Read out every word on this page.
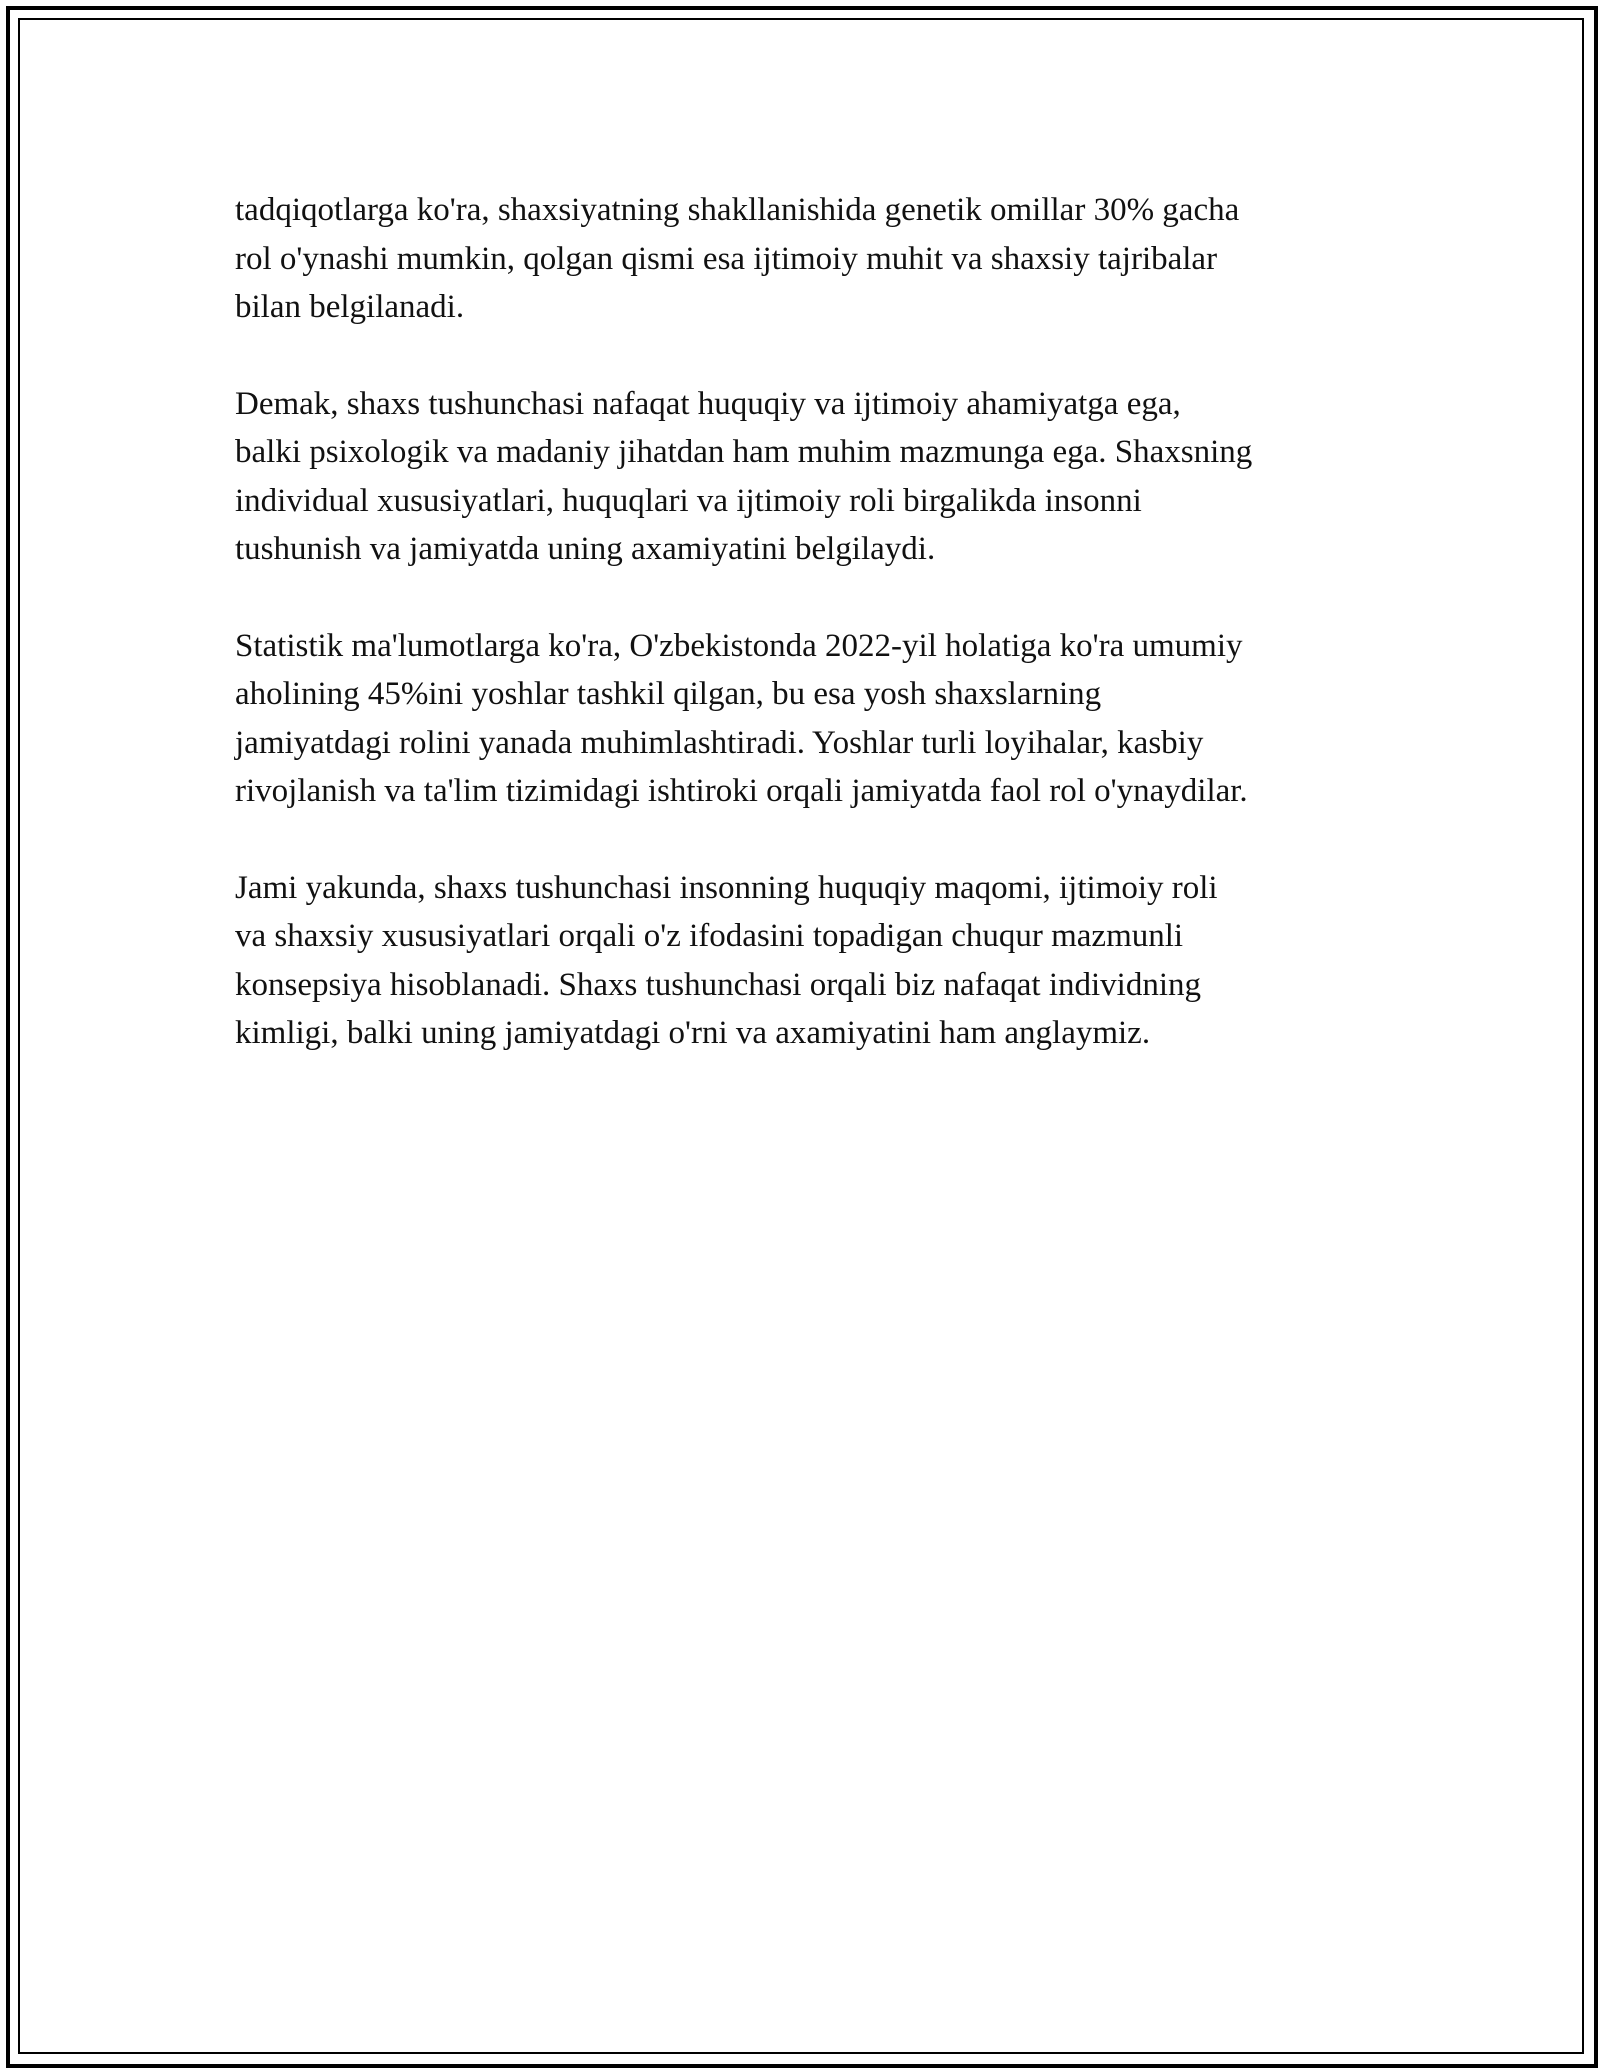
tadqiqotlarga ko'ra, shaxsiyatning shakllanishida genetik omillar 30% gacha
rol o'ynashi mumkin, qolgan qismi esa ijtimoiy muhit va shaxsiy tajribalar
bilan belgilanadi.

Demak, shaxs tushunchasi nafaqat huquqiy va ijtimoiy ahamiyatga ega,
balki psixologik va madaniy jihatdan ham muhim mazmunga ega. Shaxsning
individual xususiyatlari, huquqlari va ijtimoiy roli birgalikda insonni
tushunish va jamiyatda uning axamiyatini belgilaydi.

Statistik ma'lumotlarga ko'ra, O'zbekistonda 2022-yil holatiga ko'ra umumiy
aholining 45%ini yoshlar tashkil qilgan, bu esa yosh shaxslarning
jamiyatdagi rolini yanada muhimlashtiradi. Yoshlar turli loyihalar, kasbiy
rivojlanish va ta'lim tizimidagi ishtiroki orqali jamiyatda faol rol o'ynaydilar.

Jami yakunda, shaxs tushunchasi insonning huquqiy maqomi, ijtimoiy roli
va shaxsiy xususiyatlari orqali o'z ifodasini topadigan chuqur mazmunli
konsepsiya hisoblanadi. Shaxs tushunchasi orqali biz nafaqat individning
kimligi, balki uning jamiyatdagi o'rni va axamiyatini ham anglaymiz.
